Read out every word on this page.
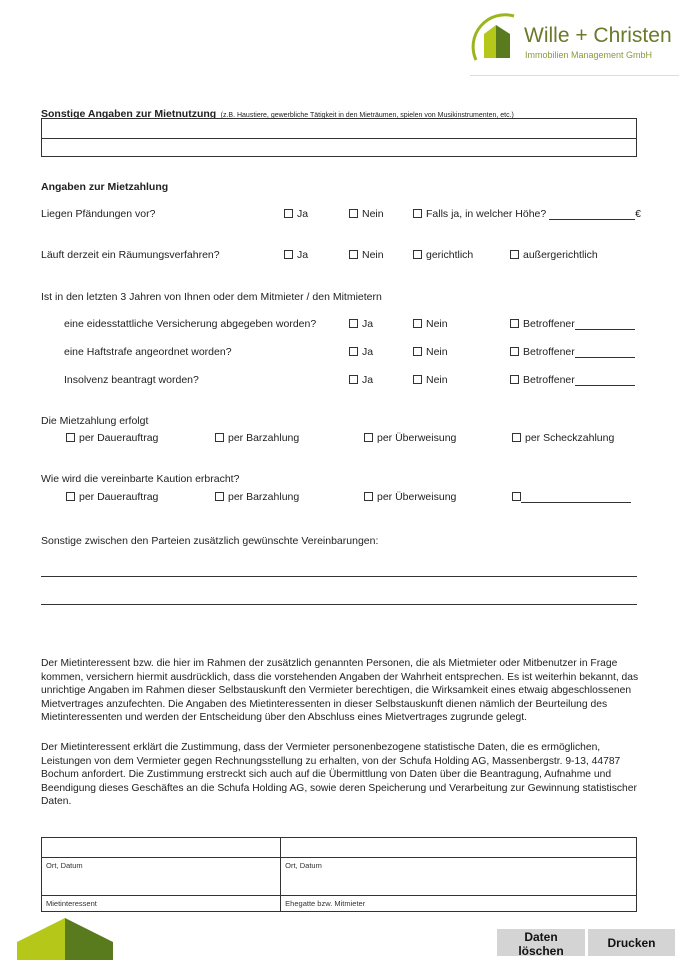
Wille + Christen
Immobilien Management GmbH
Sonstige Angaben zur Mietnutzung (z.B. Haustiere, gewerbliche Tätigkeit in den Mieträumen, spielen von Musikinstrumenten, etc.)
Angaben zur Mietzahlung
Liegen Pfändungen vor?	Ja	Nein	Falls ja, in welcher Höhe?	€
Läuft derzeit ein Räumungsverfahren?	Ja	Nein	gerichtlich	außergerichtlich
Ist in den letzten 3 Jahren von Ihnen oder dem Mitmieter / den Mitmietern
eine eidesstattliche Versicherung abgegeben worden?	Ja	Nein	Betroffener
eine Haftstrafe angeordnet worden?	Ja	Nein	Betroffener
Insolvenz beantragt worden?	Ja	Nein	Betroffener
Die Mietzahlung erfolgt
per Dauerauftrag	per Barzahlung	per Überweisung	per Scheckzahlung
Wie wird die vereinbarte Kaution erbracht?
per Dauerauftrag	per Barzahlung	per Überweisung
Sonstige zwischen den Parteien zusätzlich gewünschte Vereinbarungen:
Der Mietinteressent bzw. die hier im Rahmen der zusätzlich genannten Personen, die als Mietmieter oder Mitbenutzer in Frage kommen, versichern hiermit ausdrücklich, dass die vorstehenden Angaben der Wahrheit entsprechen. Es ist weiterhin bekannt, das unrichtige Angaben im Rahmen dieser Selbstauskunft den Vermieter berechtigen, die Wirksamkeit eines etwaig abgeschlossenen Mietvertrages anzufechten. Die Angaben des Mietinteressenten in dieser Selbstauskunft dienen nämlich der Beurteilung des Mietinteressenten und werden der Entscheidung über den Abschluss eines Mietvertrages zugrunde gelegt.
Der Mietinteressent erklärt die Zustimmung, dass der Vermieter personenbezogene statistische Daten, die es ermöglichen, Leistungen von dem Vermieter gegen Rechnungsstellung zu erhalten, von der Schufa Holding AG, Massenbergstr. 9-13, 44787 Bochum anfordert. Die Zustimmung erstreckt sich auch auf die Übermittlung von Daten über die Beantragung, Aufnahme und Beendigung dieses Geschäftes an die Schufa Holding AG, sowie deren Speicherung und Verarbeitung zur Gewinnung statistischer Daten.

Ort, Datum	Ort, Datum
Mietinteressent	Ehegatte bzw. Mitmieter
Daten löschen
Drucken
